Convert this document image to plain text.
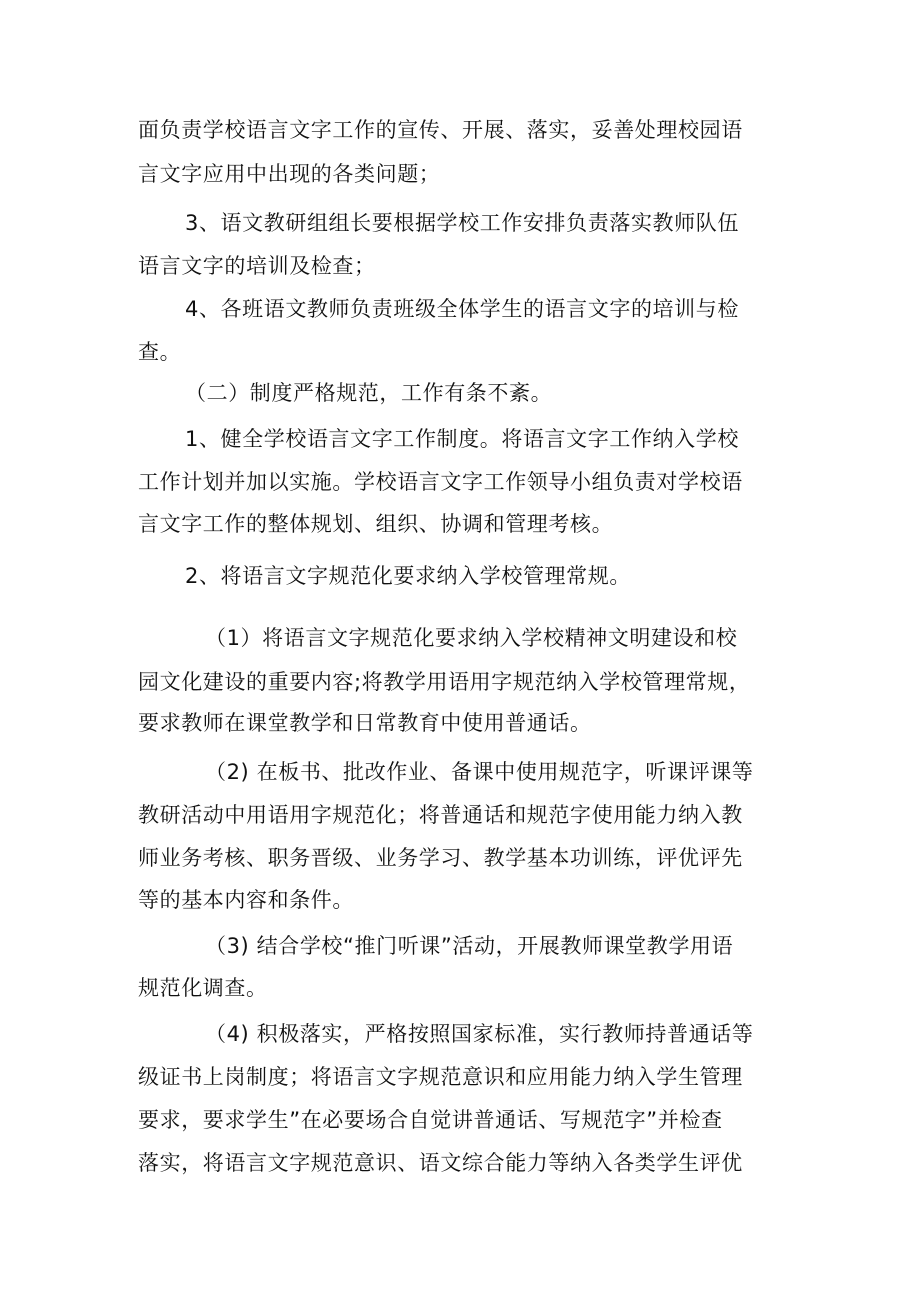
面负责学校语言文字工作的宣传、开展、落实，妥善处理校园语
言文字应用中出现的各类问题；
3、语文教研组组长要根据学校工作安排负责落实教师队伍
语言文字的培训及检查；
4、各班语文教师负责班级全体学生的语言文字的培训与检
查。
（二）制度严格规范，工作有条不紊。
1、健全学校语言文字工作制度。将语言文字工作纳入学校
工作计划并加以实施。学校语言文字工作领导小组负责对学校语
言文字工作的整体规划、组织、协调和管理考核。
2、将语言文字规范化要求纳入学校管理常规。
（1）将语言文字规范化要求纳入学校精神文明建设和校
园文化建设的重要内容;将教学用语用字规范纳入学校管理常规，
要求教师在课堂教学和日常教育中使用普通话。
（2) 在板书、批改作业、备课中使用规范字，听课评课等
教研活动中用语用字规范化；将普通话和规范字使用能力纳入教
师业务考核、职务晋级、业务学习、教学基本功训练，评优评先
等的基本内容和条件。
（3) 结合学校“推门听课”活动，开展教师课堂教学用语
规范化调查。
（4) 积极落实，严格按照国家标准，实行教师持普通话等
级证书上岗制度；将语言文字规范意识和应用能力纳入学生管理
要求，要求学生”在必要场合自觉讲普通话、写规范字”并检查
落实，将语言文字规范意识、语文综合能力等纳入各类学生评优
